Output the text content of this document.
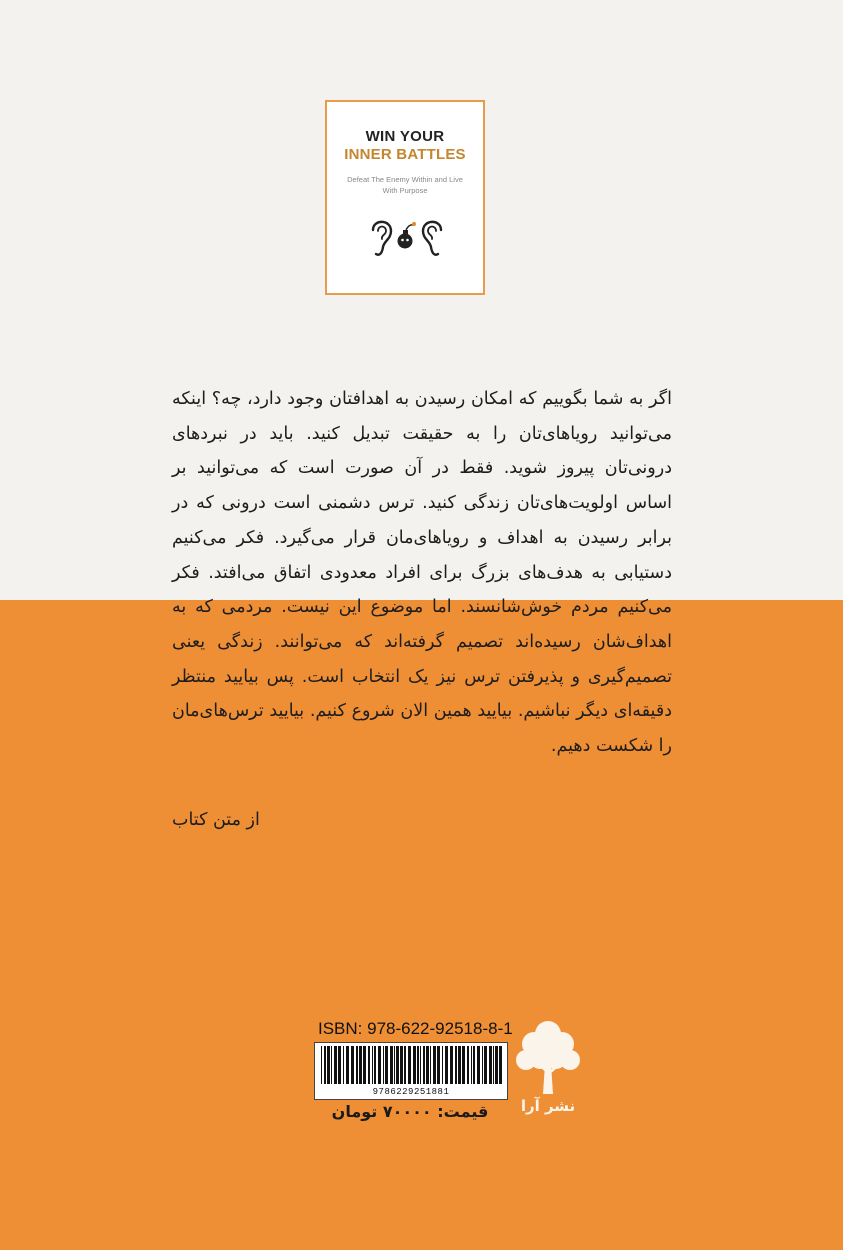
WIN YOUR
INNER BATTLES
Defeat The Enemy Within and Live With Purpose
اگر به شما بگوییم که امکان رسیدن به اهدافتان وجود دارد، چه؟ اینکه می‌توانید رویاهای‌تان را به حقیقت تبدیل کنید. باید در نبردهای درونی‌تان پیروز شوید. فقط در آن صورت است که می‌توانید بر اساس اولویت‌های‌تان زندگی کنید. ترس دشمنی است درونی که در برابر رسیدن به اهداف و رویاهای‌مان قرار می‌گیرد. فکر می‌کنیم دستیابی به هدف‌های بزرگ برای افراد معدودی اتفاق می‌افتد. فکر می‌کنیم مردم خوش‌شانسند. اما موضوع این نیست. مردمی که به اهداف‌شان رسیده‌اند تصمیم گرفته‌اند که می‌توانند. زندگی یعنی تصمیم‌گیری و پذیرفتن ترس نیز یک انتخاب است. پس بیایید منتظر دقیقه‌ای دیگر نباشیم. بیایید همین الان شروع کنیم. بیایید ترس‌های‌مان را شکست دهیم.
از متن کتاب
ISBN: 978-622-92518-8-1
9786229251881
قیمت: ۷۰۰۰۰ تومان	نشر آرا
